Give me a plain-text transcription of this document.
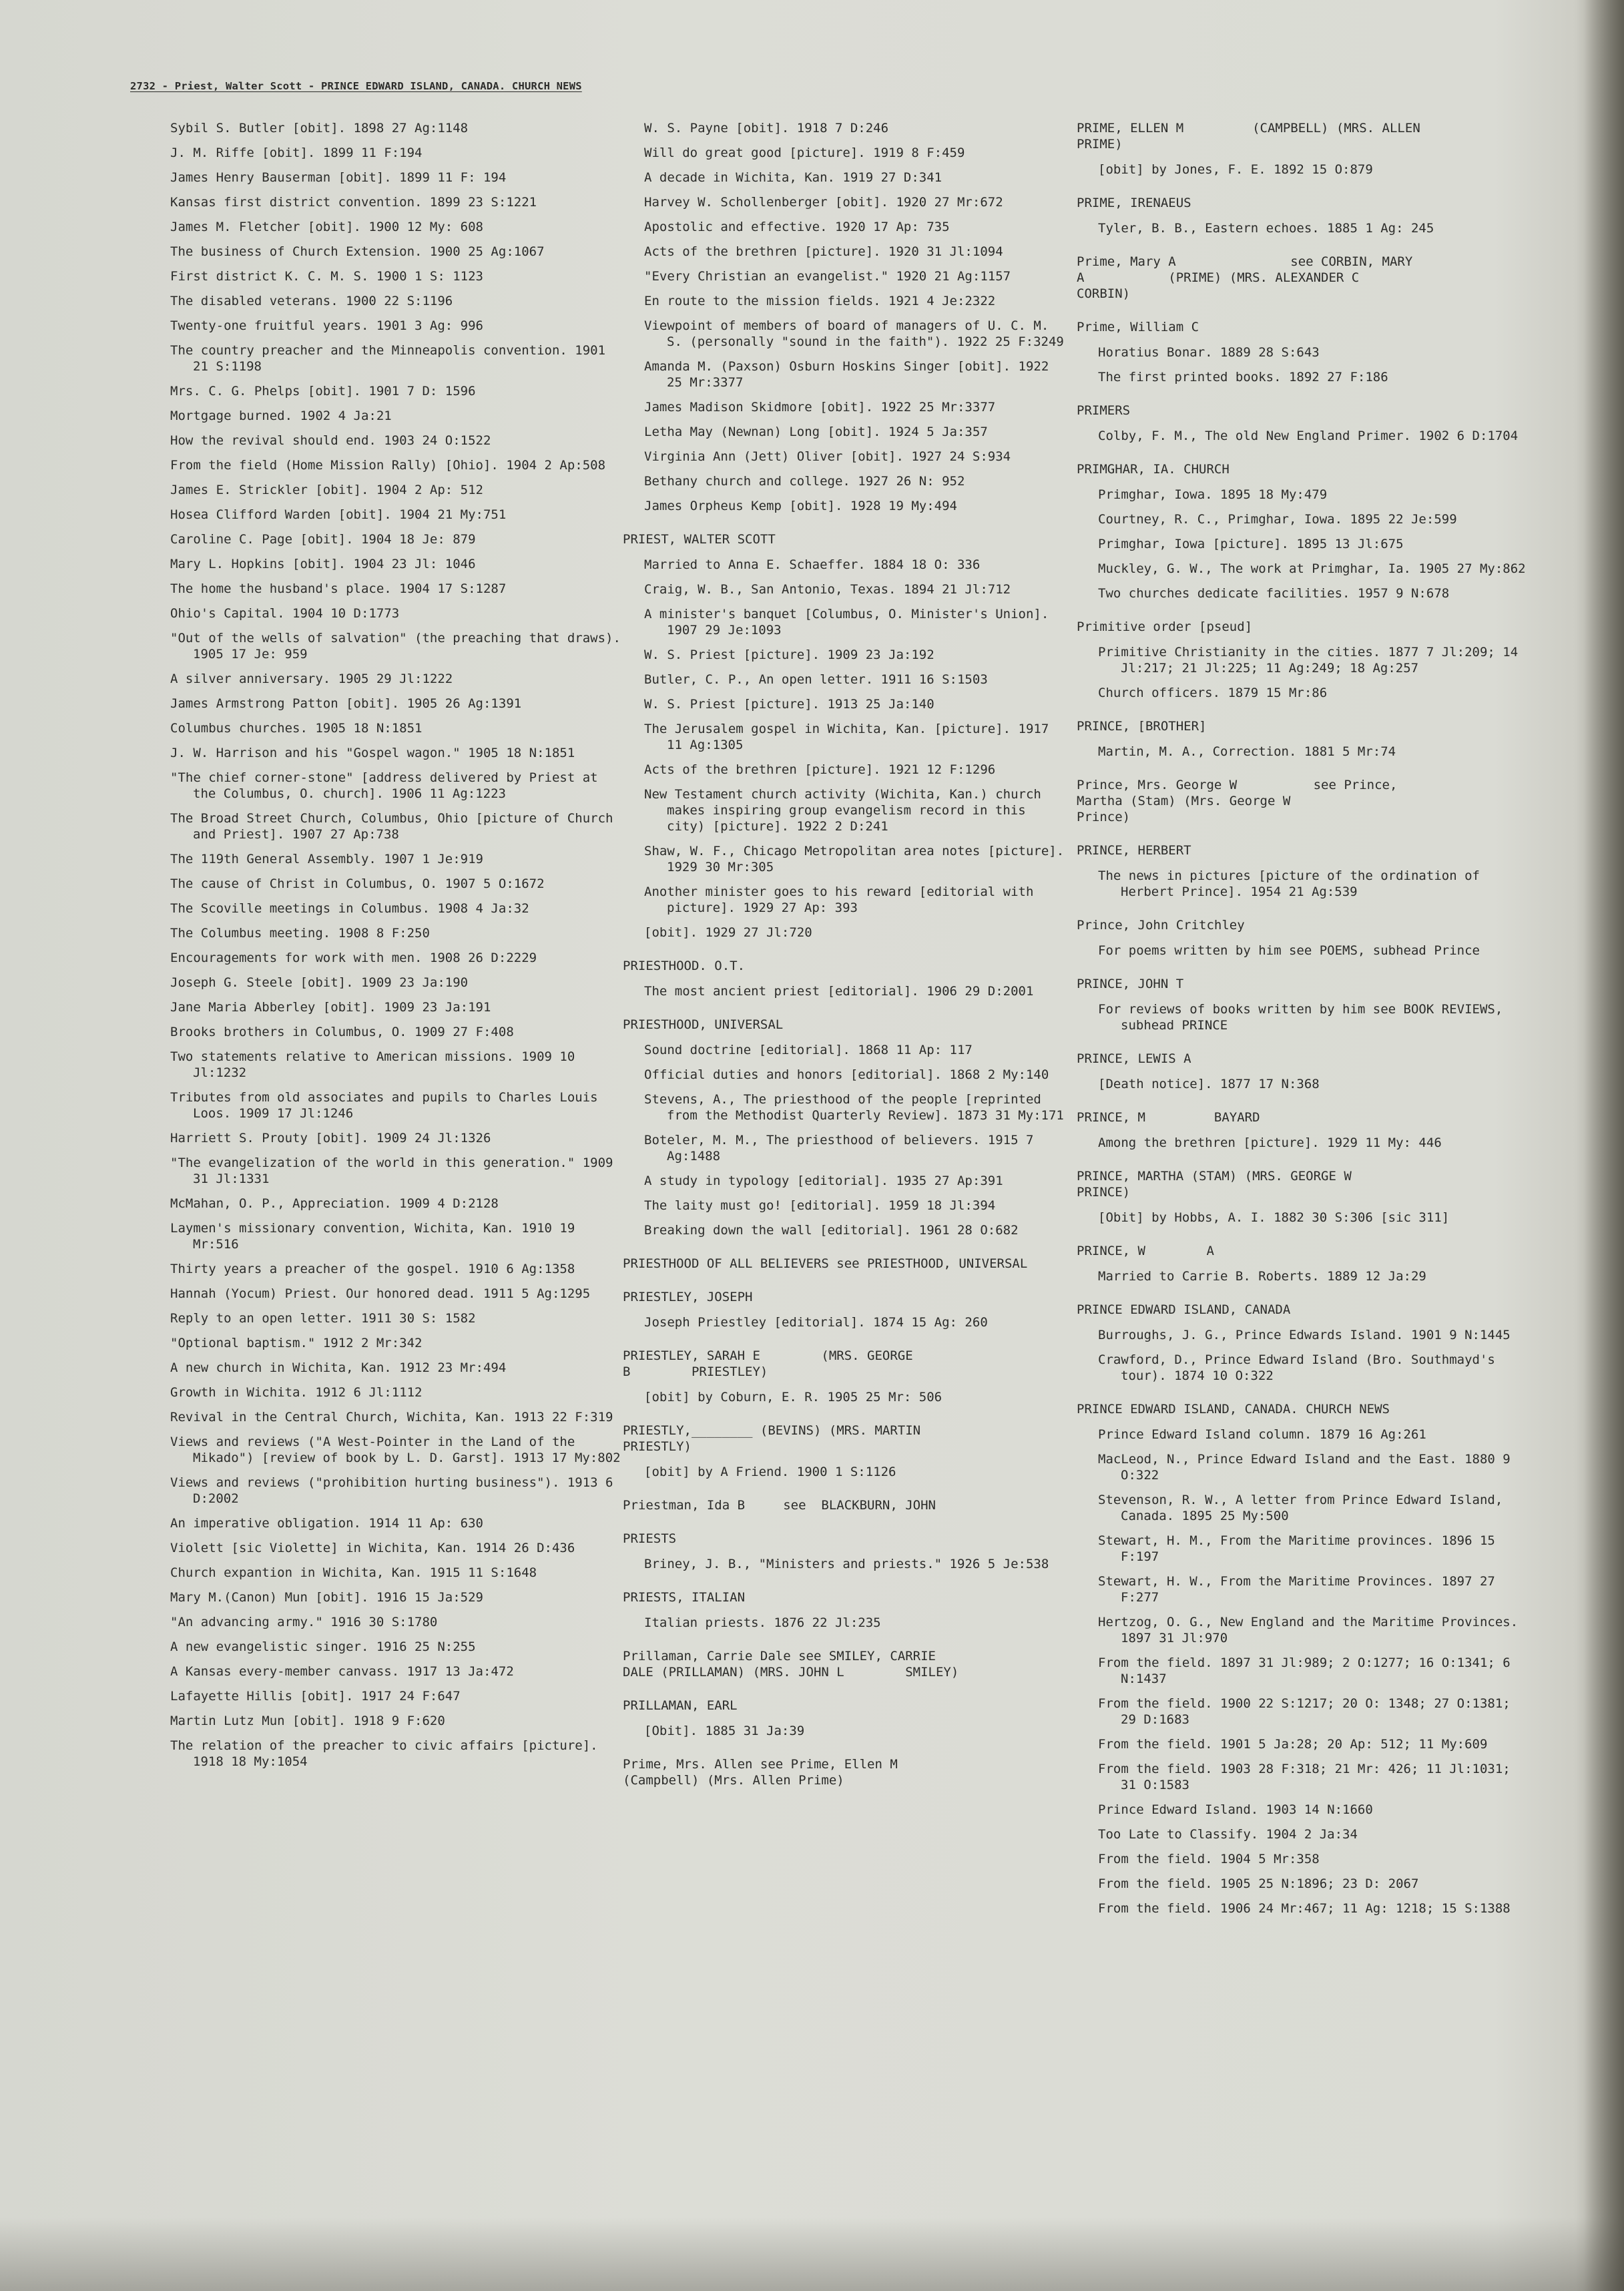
2732 - Priest, Walter Scott - PRINCE EDWARD ISLAND, CANADA. CHURCH NEWS
Sybil S. Butler [obit]. 1898 27 Ag:1148
J. M. Riffe [obit]. 1899 11 F:194
James Henry Bauserman [obit]. 1899 11 F: 194
Kansas first district convention. 1899 23 S:1221
James M. Fletcher [obit]. 1900 12 My: 608
The business of Church Extension. 1900 25 Ag:1067
First district K. C. M. S. 1900 1 S: 1123
The disabled veterans. 1900 22 S:1196
Twenty-one fruitful years. 1901 3 Ag: 996
The country preacher and the Minneapolis convention. 1901 21 S:1198
Mrs. C. G. Phelps [obit]. 1901 7 D: 1596
Mortgage burned. 1902 4 Ja:21
How the revival should end. 1903 24 O:1522
From the field (Home Mission Rally) [Ohio]. 1904 2 Ap:508
James E. Strickler [obit]. 1904 2 Ap: 512
Hosea Clifford Warden [obit]. 1904 21 My:751
Caroline C. Page [obit]. 1904 18 Je: 879
Mary L. Hopkins [obit]. 1904 23 Jl: 1046
The home the husband's place. 1904 17 S:1287
Ohio's Capital. 1904 10 D:1773
"Out of the wells of salvation" (the preaching that draws). 1905 17 Je: 959
A silver anniversary. 1905 29 Jl:1222
James Armstrong Patton [obit]. 1905 26 Ag:1391
Columbus churches. 1905 18 N:1851
J. W. Harrison and his "Gospel wagon." 1905 18 N:1851
"The chief corner-stone" [address delivered by Priest at the Columbus, O. church]. 1906 11 Ag:1223
The Broad Street Church, Columbus, Ohio [picture of Church and Priest]. 1907 27 Ap:738
The 119th General Assembly. 1907 1 Je:919
The cause of Christ in Columbus, O. 1907 5 O:1672
The Scoville meetings in Columbus. 1908 4 Ja:32
The Columbus meeting. 1908 8 F:250
Encouragements for work with men. 1908 26 D:2229
Joseph G. Steele [obit]. 1909 23 Ja:190
Jane Maria Abberley [obit]. 1909 23 Ja:191
Brooks brothers in Columbus, O. 1909 27 F:408
Two statements relative to American missions. 1909 10 Jl:1232
Tributes from old associates and pupils to Charles Louis Loos. 1909 17 Jl:1246
Harriett S. Prouty [obit]. 1909 24 Jl:1326
"The evangelization of the world in this generation." 1909 31 Jl:1331
McMahan, O. P., Appreciation. 1909 4 D:2128
Laymen's missionary convention, Wichita, Kan. 1910 19 Mr:516
Thirty years a preacher of the gospel. 1910 6 Ag:1358
Hannah (Yocum) Priest. Our honored dead. 1911 5 Ag:1295
Reply to an open letter. 1911 30 S: 1582
"Optional baptism." 1912 2 Mr:342
A new church in Wichita, Kan. 1912 23 Mr:494
Growth in Wichita. 1912 6 Jl:1112
Revival in the Central Church, Wichita, Kan. 1913 22 F:319
Views and reviews ("A West-Pointer in the Land of the Mikado") [review of book by L. D. Garst]. 1913 17 My:802
Views and reviews ("prohibition hurting business"). 1913 6 D:2002
An imperative obligation. 1914 11 Ap: 630
Violett [sic Violette] in Wichita, Kan. 1914 26 D:436
Church expantion in Wichita, Kan. 1915 11 S:1648
Mary M.(Canon) Mun [obit]. 1916 15 Ja:529
"An advancing army." 1916 30 S:1780
A new evangelistic singer. 1916 25 N:255
A Kansas every-member canvass. 1917 13 Ja:472
Lafayette Hillis [obit]. 1917 24 F:647
Martin Lutz Mun [obit]. 1918 9 F:620
The relation of the preacher to civic affairs [picture]. 1918 18 My:1054
W. S. Payne [obit]. 1918 7 D:246
Will do great good [picture]. 1919 8 F:459
A decade in Wichita, Kan. 1919 27 D:341
Harvey W. Schollenberger [obit]. 1920 27 Mr:672
Apostolic and effective. 1920 17 Ap: 735
Acts of the brethren [picture]. 1920 31 Jl:1094
"Every Christian an evangelist." 1920 21 Ag:1157
En route to the mission fields. 1921 4 Je:2322
Viewpoint of members of board of managers of U. C. M. S. (personally "sound in the faith"). 1922 25 F:3249
Amanda M. (Paxson) Osburn Hoskins Singer [obit]. 1922 25 Mr:3377
James Madison Skidmore [obit]. 1922 25 Mr:3377
Letha May (Newnan) Long [obit]. 1924 5 Ja:357
Virginia Ann (Jett) Oliver [obit]. 1927 24 S:934
Bethany church and college. 1927 26 N: 952
James Orpheus Kemp [obit]. 1928 19 My:494
PRIEST, WALTER SCOTT
Married to Anna E. Schaeffer. 1884 18 O: 336
Craig, W. B., San Antonio, Texas. 1894 21 Jl:712
A minister's banquet [Columbus, O. Minister's Union]. 1907 29 Je:1093
W. S. Priest [picture]. 1909 23 Ja:192
Butler, C. P., An open letter. 1911 16 S:1503
W. S. Priest [picture]. 1913 25 Ja:140
The Jerusalem gospel in Wichita, Kan. [picture]. 1917 11 Ag:1305
Acts of the brethren [picture]. 1921 12 F:1296
New Testament church activity (Wichita, Kan.) church makes inspiring group evangelism record in this city) [picture]. 1922 2 D:241
Shaw, W. F., Chicago Metropolitan area notes [picture]. 1929 30 Mr:305
Another minister goes to his reward [editorial with picture]. 1929 27 Ap: 393
[obit]. 1929 27 Jl:720
PRIESTHOOD. O.T.
The most ancient priest [editorial]. 1906 29 D:2001
PRIESTHOOD, UNIVERSAL
Sound doctrine [editorial]. 1868 11 Ap: 117
Official duties and honors [editorial]. 1868 2 My:140
Stevens, A., The priesthood of the people [reprinted from the Methodist Quarterly Review]. 1873 31 My:171
Boteler, M. M., The priesthood of believers. 1915 7 Ag:1488
A study in typology [editorial]. 1935 27 Ap:391
The laity must go! [editorial]. 1959 18 Jl:394
Breaking down the wall [editorial]. 1961 28 O:682
PRIESTHOOD OF ALL BELIEVERS see PRIESTHOOD, UNIVERSAL
PRIESTLEY, JOSEPH
Joseph Priestley [editorial]. 1874 15 Ag: 260
PRIESTLEY, SARAH E        (MRS. GEORGE
B        PRIESTLEY)
[obit] by Coburn, E. R. 1905 25 Mr: 506
PRIESTLY,________ (BEVINS) (MRS. MARTIN
PRIESTLY)
[obit] by A Friend. 1900 1 S:1126
Priestman, Ida B     see  BLACKBURN, JOHN
PRIESTS
Briney, J. B., "Ministers and priests." 1926 5 Je:538
PRIESTS, ITALIAN
Italian priests. 1876 22 Jl:235
Prillaman, Carrie Dale see SMILEY, CARRIE
DALE (PRILLAMAN) (MRS. JOHN L        SMILEY)
PRILLAMAN, EARL
[Obit]. 1885 31 Ja:39
Prime, Mrs. Allen see Prime, Ellen M
(Campbell) (Mrs. Allen Prime)
PRIME, ELLEN M         (CAMPBELL) (MRS. ALLEN
PRIME)
[obit] by Jones, F. E. 1892 15 O:879
PRIME, IRENAEUS
Tyler, B. B., Eastern echoes. 1885 1 Ag: 245
Prime, Mary A               see CORBIN, MARY
A           (PRIME) (MRS. ALEXANDER C
CORBIN)
Prime, William C
Horatius Bonar. 1889 28 S:643
The first printed books. 1892 27 F:186
PRIMERS
Colby, F. M., The old New England Primer. 1902 6 D:1704
PRIMGHAR, IA. CHURCH
Primghar, Iowa. 1895 18 My:479
Courtney, R. C., Primghar, Iowa. 1895 22 Je:599
Primghar, Iowa [picture]. 1895 13 Jl:675
Muckley, G. W., The work at Primghar, Ia. 1905 27 My:862
Two churches dedicate facilities. 1957 9 N:678
Primitive order [pseud]
Primitive Christianity in the cities. 1877 7 Jl:209; 14 Jl:217; 21 Jl:225; 11 Ag:249; 18 Ag:257
Church officers. 1879 15 Mr:86
PRINCE, [BROTHER]
Martin, M. A., Correction. 1881 5 Mr:74
Prince, Mrs. George W          see Prince,
Martha (Stam) (Mrs. George W
Prince)
PRINCE, HERBERT
The news in pictures [picture of the ordination of Herbert Prince]. 1954 21 Ag:539
Prince, John Critchley
For poems written by him see POEMS, subhead Prince
PRINCE, JOHN T
For reviews of books written by him see BOOK REVIEWS, subhead PRINCE
PRINCE, LEWIS A
[Death notice]. 1877 17 N:368
PRINCE, M         BAYARD
Among the brethren [picture]. 1929 11 My: 446
PRINCE, MARTHA (STAM) (MRS. GEORGE W
PRINCE)
[Obit] by Hobbs, A. I. 1882 30 S:306 [sic 311]
PRINCE, W        A
Married to Carrie B. Roberts. 1889 12 Ja:29
PRINCE EDWARD ISLAND, CANADA
Burroughs, J. G., Prince Edwards Island. 1901 9 N:1445
Crawford, D., Prince Edward Island (Bro. Southmayd's tour). 1874 10 O:322
PRINCE EDWARD ISLAND, CANADA. CHURCH NEWS
Prince Edward Island column. 1879 16 Ag:261
MacLeod, N., Prince Edward Island and the East. 1880 9 O:322
Stevenson, R. W., A letter from Prince Edward Island, Canada. 1895 25 My:500
Stewart, H. M., From the Maritime provinces. 1896 15 F:197
Stewart, H. W., From the Maritime Provinces. 1897 27 F:277
Hertzog, O. G., New England and the Maritime Provinces. 1897 31 Jl:970
From the field. 1897 31 Jl:989; 2 O:1277; 16 O:1341; 6 N:1437
From the field. 1900 22 S:1217; 20 O: 1348; 27 O:1381; 29 D:1683
From the field. 1901 5 Ja:28; 20 Ap: 512; 11 My:609
From the field. 1903 28 F:318; 21 Mr: 426; 11 Jl:1031; 31 O:1583
Prince Edward Island. 1903 14 N:1660
Too Late to Classify. 1904 2 Ja:34
From the field. 1904 5 Mr:358
From the field. 1905 25 N:1896; 23 D: 2067
From the field. 1906 24 Mr:467; 11 Ag: 1218; 15 S:1388
